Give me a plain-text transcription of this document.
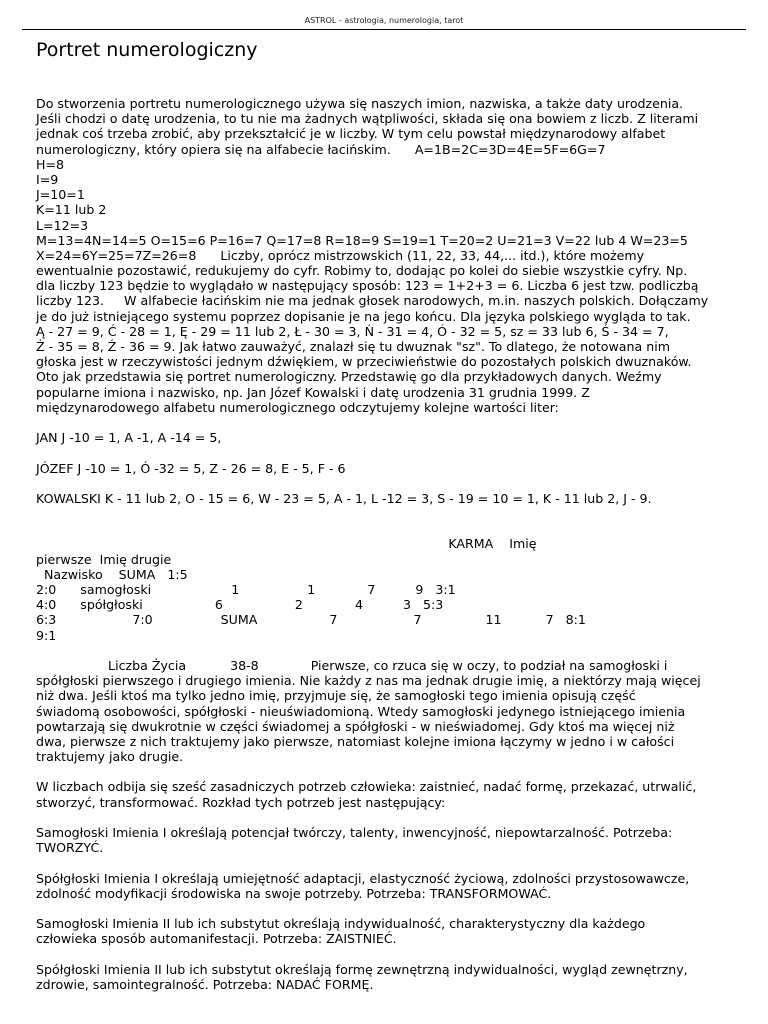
ASTROL - astrologia, numerologia, tarot
Portret numerologiczny
Do stworzenia portretu numerologicznego używa się naszych imion, nazwiska, a także daty urodzenia.
Jeśli chodzi o datę urodzenia, to tu nie ma żadnych wątpliwości, składa się ona bowiem z liczb. Z literami
jednak coś trzeba zrobić, aby przekształcić je w liczby. W tym celu powstał międzynarodowy alfabet
numerologiczny, który opiera się na alfabecie łacińskim.      A=1B=2C=3D=4E=5F=6G=7
H=8
I=9
J=10=1
K=11 lub 2
L=12=3
M=13=4N=14=5 O=15=6 P=16=7 Q=17=8 R=18=9 S=19=1 T=20=2 U=21=3 V=22 lub 4 W=23=5
X=24=6Y=25=7Z=26=8      Liczby, oprócz mistrzowskich (11, 22, 33, 44,... itd.), które możemy
ewentualnie pozostawić, redukujemy do cyfr. Robimy to, dodając po kolei do siebie wszystkie cyfry. Np.
dla liczby 123 będzie to wyglądało w następujący sposób: 123 = 1+2+3 = 6. Liczba 6 jest tzw. podliczbą
liczby 123.     W alfabecie łacińskim nie ma jednak głosek narodowych, m.in. naszych polskich. Dołączamy
je do już istniejącego systemu poprzez dopisanie je na jego końcu. Dla języka polskiego wygląda to tak.
Ą - 27 = 9, Ć - 28 = 1, Ę - 29 = 11 lub 2, Ł - 30 = 3, Ń - 31 = 4, Ó - 32 = 5, sz = 33 lub 6, Ś - 34 = 7,
Ż - 35 = 8, Ź - 36 = 9. Jak łatwo zauważyć, znalazł się tu dwuznak "sz". To dlatego, że notowana nim
głoska jest w rzeczywistości jednym dźwiękiem, w przeciwieństwie do pozostałych polskich dwuznaków.
Oto jak przedstawia się portret numerologiczny. Przedstawię go dla przykładowych danych. Weźmy
popularne imiona i nazwisko, np. Jan Józef Kowalski i datę urodzenia 31 grudnia 1999. Z
międzynarodowego alfabetu numerologicznego odczytujemy kolejne wartości liter:
JAN J -10 = 1, A -1, A -14 = 5,
JÓZEF J -10 = 1, Ó -32 = 5, Z - 26 = 8, E - 5, F - 6
KOWALSKI K - 11 lub 2, O - 15 = 6, W - 23 = 5, A - 1, L -12 = 3, S - 19 = 10 = 1, K - 11 lub 2, J - 9.
KARMA    Imię
pierwsze  Imię drugie
Nazwisko    SUMA   1:5
2:0      samogłoski                    1                 1             7          9   3:1
4:0      spółgłoski                  6                  2             4          3   5:3
6:3                   7:0                 SUMA                  7                   7                11           7   8:1
9:1
Liczba Życia           38-8             Pierwsze, co rzuca się w oczy, to podział na samogłoski i
spółgłoski pierwszego i drugiego imienia. Nie każdy z nas ma jednak drugie imię, a niektórzy mają więcej
niż dwa. Jeśli ktoś ma tylko jedno imię, przyjmuje się, że samogłoski tego imienia opisują część
świadomą osobowości, spółgłoski - nieuświadomioną. Wtedy samogłoski jedynego istniejącego imienia
powtarzają się dwukrotnie w części świadomej a spółgłoski - w nieświadomej. Gdy ktoś ma więcej niż
dwa, pierwsze z nich traktujemy jako pierwsze, natomiast kolejne imiona łączymy w jedno i w całości
traktujemy jako drugie.
W liczbach odbija się sześć zasadniczych potrzeb człowieka: zaistnieć, nadać formę, przekazać, utrwalić,
stworzyć, transformować. Rozkład tych potrzeb jest następujący:
Samogłoski Imienia I określają potencjał twórczy, talenty, inwencyjność, niepowtarzalność. Potrzeba:
TWORZYĆ.
Spółgłoski Imienia I określają umiejętność adaptacji, elastyczność życiową, zdolności przystosowawcze,
zdolność modyfikacji środowiska na swoje potrzeby. Potrzeba: TRANSFORMOWAĆ.
Samogłoski Imienia II lub ich substytut określają indywidualność, charakterystyczny dla każdego
człowieka sposób automanifestacji. Potrzeba: ZAISTNIEĆ.
Spółgłoski Imienia II lub ich substytut określają formę zewnętrzną indywidualności, wygląd zewnętrzny,
zdrowie, samointegralność. Potrzeba: NADAĆ FORMĘ.
